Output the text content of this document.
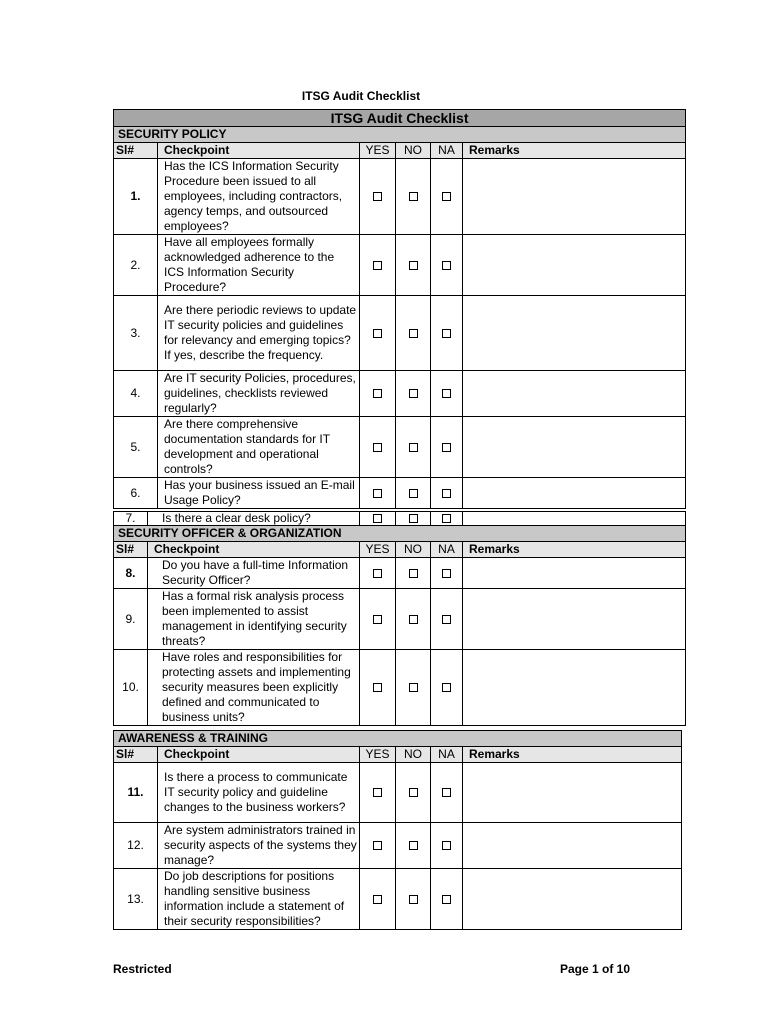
ITSG Audit Checklist
ITSG Audit Checklist					
SECURITY POLICY					
Sl#	Checkpoint	YES	NO	NA	Remarks
1.	Has the ICS Information Security Procedure been issued to all employees, including contractors, agency temps, and outsourced employees?				
2.	Have all employees formally acknowledged adherence to the ICS Information Security Procedure?				
3.	Are there periodic reviews to update IT security policies and guidelines for relevancy and emerging topics? If yes, describe the frequency.				
4.	Are IT security Policies, procedures, guidelines, checklists reviewed regularly?				
5.	Are there comprehensive documentation standards for IT development and operational controls?				
6.	Has your business issued an E-mail Usage Policy?				
7.	Is there a clear desk policy?				
SECURITY OFFICER & ORGANIZATION					
Sl#	Checkpoint	YES	NO	NA	Remarks
8.	Do you have a full-time Information Security Officer?				
9.	Has a formal risk analysis process been implemented to assist management in identifying security threats?				
10.	Have roles and responsibilities for protecting assets and implementing security measures been explicitly defined and communicated to business units?				
AWARENESS & TRAINING					
Sl#	Checkpoint	YES	NO	NA	Remarks
11.	Is there a process to communicate IT security policy and guideline changes to the business workers?				
12.	Are system administrators trained in security aspects of the systems they manage?				
13.	Do job descriptions for positions handling sensitive business information include a statement of their security responsibilities?				
Restricted	Page 1 of 10
